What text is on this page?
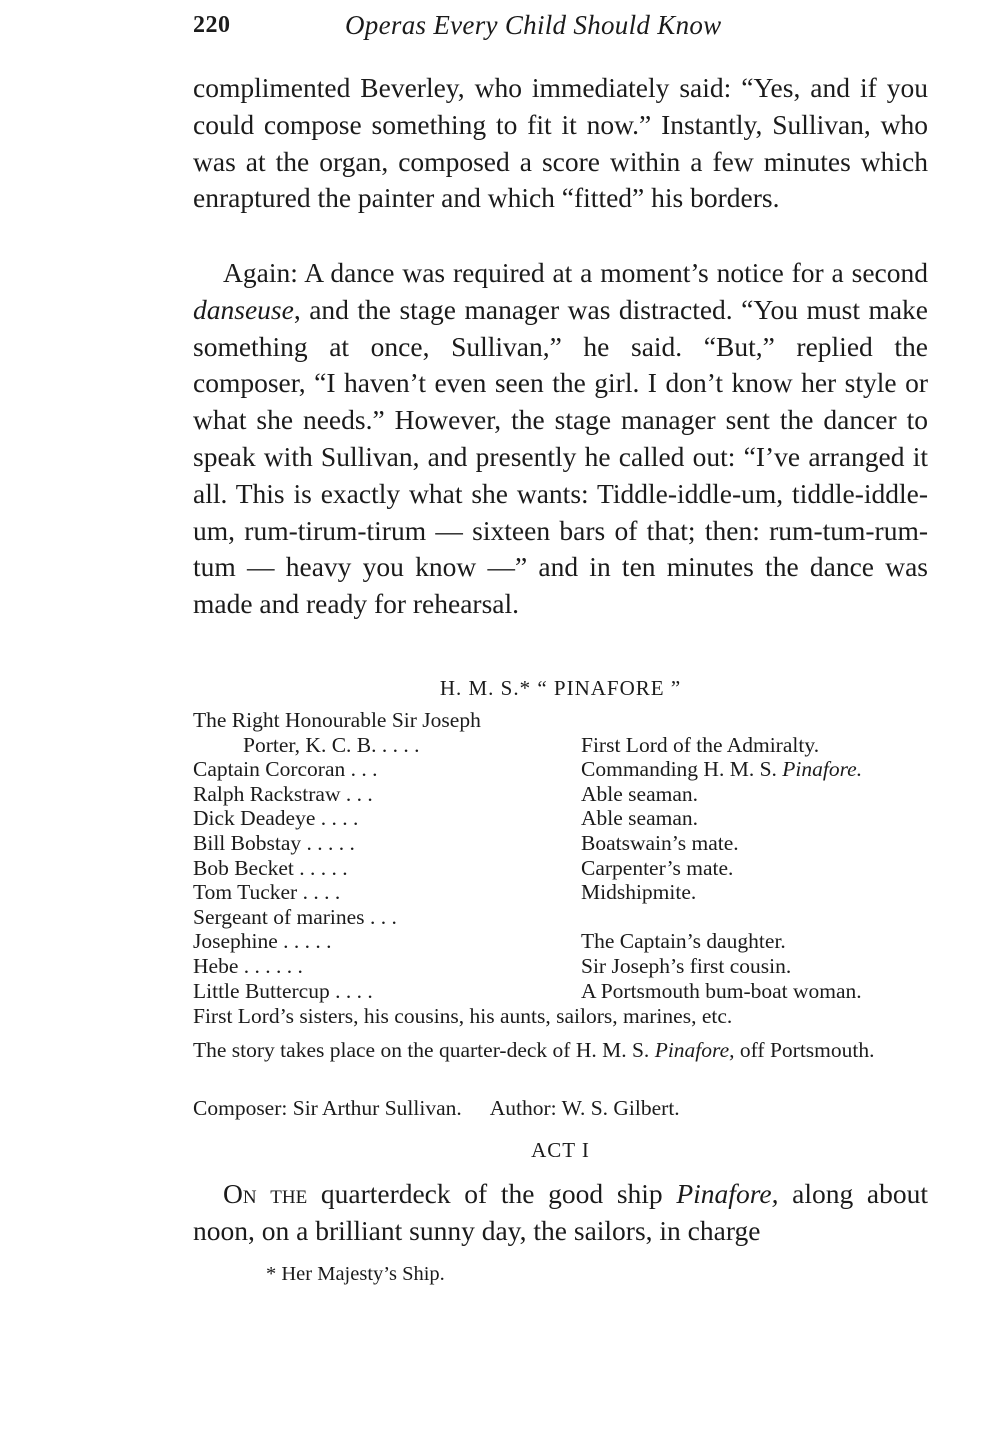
220	Operas Every Child Should Know

complimented Beverley, who immediately said: “Yes, and if you could compose something to fit it now.” Instantly, Sullivan, who was at the organ, composed a score within a few minutes which enraptured the painter and which “fitted” his borders.

Again: A dance was required at a moment’s notice for a second danseuse, and the stage manager was distracted. “You must make something at once, Sullivan,” he said. “But,” replied the composer, “I haven’t even seen the girl. I don’t know her style or what she needs.” However, the stage manager sent the dancer to speak with Sullivan, and presently he called out: “I’ve arranged it all. This is exactly what she wants: Tiddle-iddle-um, tiddle-iddle-um, rum-tirum-tirum — sixteen bars of that; then: rum-tum-rum-tum — heavy you know —” and in ten minutes the dance was made and ready for rehearsal.

H. M. S.* “ PINAFORE ”
The Right Honourable Sir Joseph
Porter, K. C. B. . . . .	First Lord of the Admiralty.
Captain Corcoran . . .	Commanding H. M. S. Pinafore.
Ralph Rackstraw . . .	Able seaman.
Dick Deadeye . . . .	Able seaman.
Bill Bobstay . . . . .	Boatswain’s mate.
Bob Becket . . . . .	Carpenter’s mate.
Tom Tucker . . . .	Midshipmite.
Sergeant of marines . . .
Josephine . . . . .	The Captain’s daughter.
Hebe . . . . . .	Sir Joseph’s first cousin.
Little Buttercup . . . .	A Portsmouth bum-boat woman.
First Lord’s sisters, his cousins, his aunts, sailors, marines, etc.
The story takes place on the quarter-deck of H. M. S. Pinafore, off Portsmouth.
Composer: Sir Arthur Sullivan. Author: W. S. Gilbert.
ACT I

On the quarterdeck of the good ship Pinafore, along about noon, on a brilliant sunny day, the sailors, in charge

* Her Majesty’s Ship.
